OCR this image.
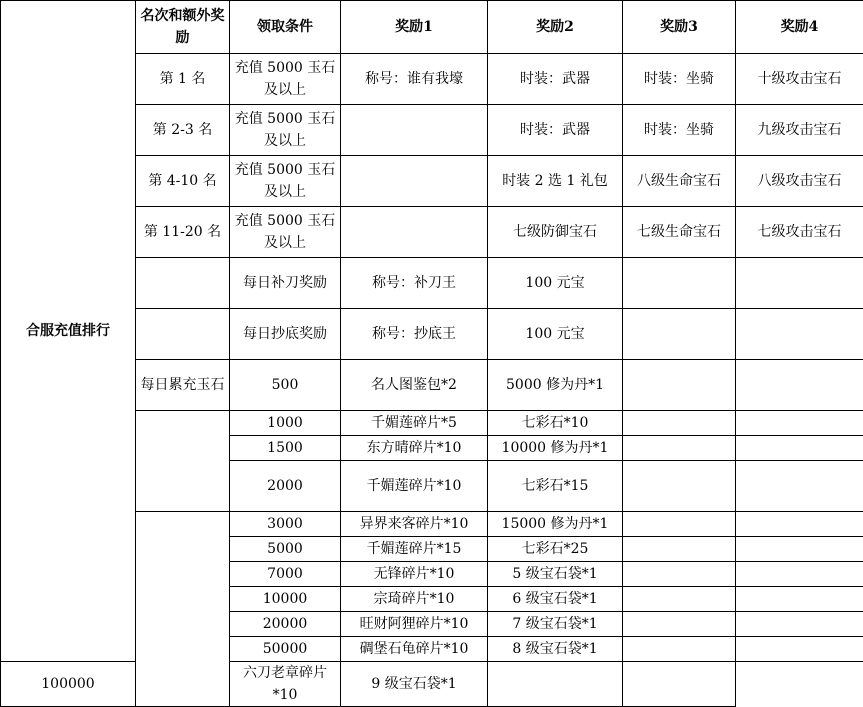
合服充值排行	名次和额外奖励	领取条件	奖励1	奖励2	奖励3	奖励4
	第 1 名	充值 5000 玉石及以上	称号：谁有我壕	时装：武器	时装：坐骑	十级攻击宝石
	第 2-3 名	充值 5000 玉石及以上		时装：武器	时装：坐骑	九级攻击宝石
	第 4-10 名	充值 5000 玉石及以上		时装 2 选 1 礼包	八级生命宝石	八级攻击宝石
	第 11-20 名	充值 5000 玉石及以上		七级防御宝石	七级生命宝石	七级攻击宝石
		每日补刀奖励	称号：补刀王	100 元宝		
		每日抄底奖励	称号：抄底王	100 元宝		
	每日累充玉石	500	名人图鉴包*2	5000 修为丹*1		
		1000	千媚莲碎片*5	七彩石*10		
		1500	东方晴碎片*10	10000 修为丹*1		
		2000	千媚莲碎片*10	七彩石*15		
		3000	异界来客碎片*10	15000 修为丹*1		
		5000	千媚莲碎片*15	七彩石*25		
		7000	无锋碎片*10	5 级宝石袋*1		
		10000	宗琦碎片*10	6 级宝石袋*1		
		20000	旺财阿狸碎片*10	7 级宝石袋*1		
		50000	碉堡石龟碎片*10	8 级宝石袋*1		
100000		六刀老章碎片*10	9 级宝石袋*1			
